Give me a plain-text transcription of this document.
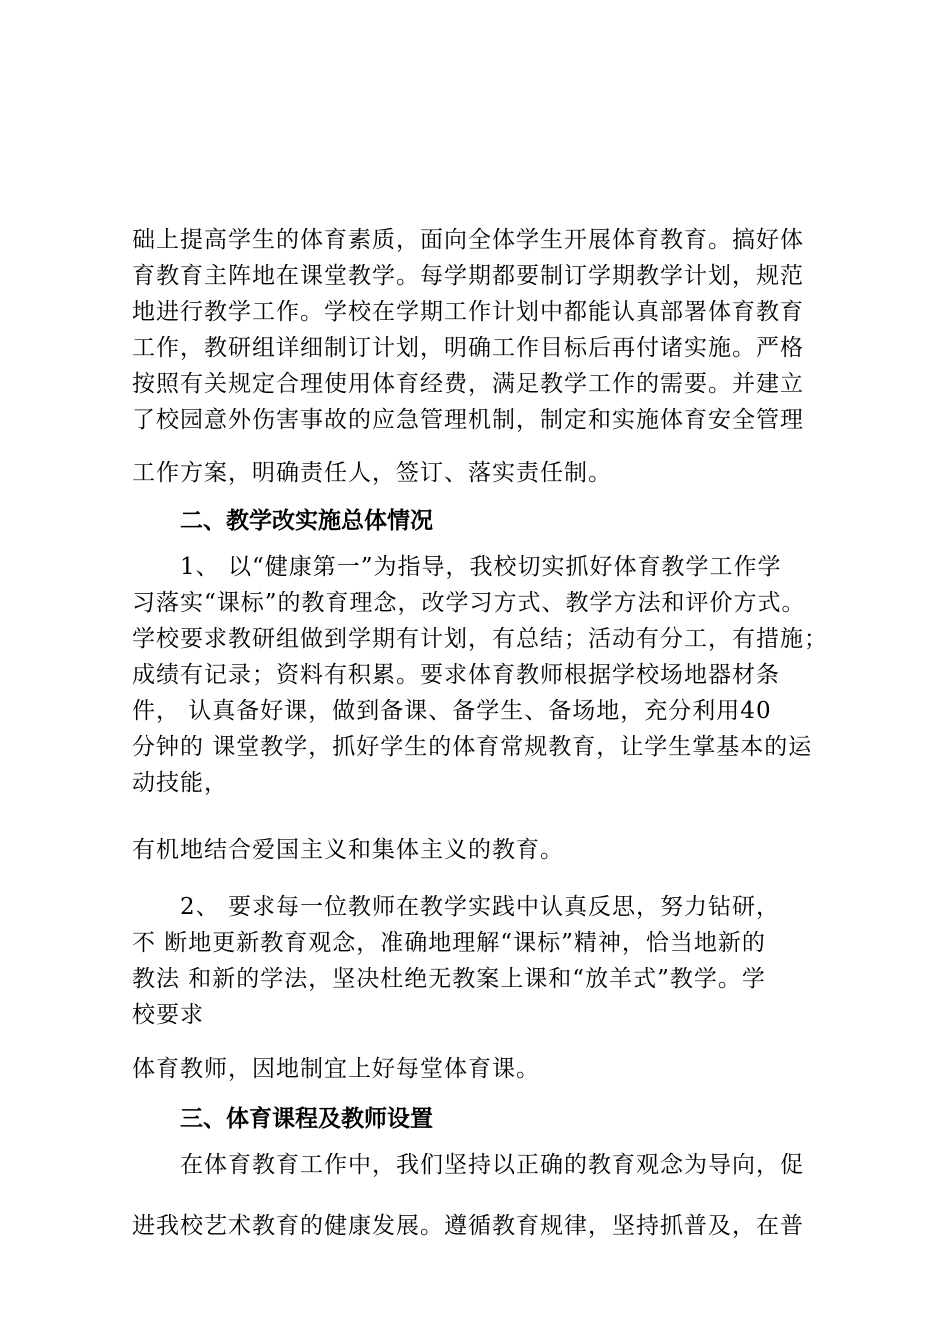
础上提高学生的体育素质，面向全体学生开展体育教育。搞好体
育教育主阵地在课堂教学。每学期都要制订学期教学计划，规范
地进行教学工作。学校在学期工作计划中都能认真部署体育教育
工作，教研组详细制订计划，明确工作目标后再付诸实施。严格
按照有关规定合理使用体育经费，满足教学工作的需要。并建立
了校园意外伤害事故的应急管理机制，制定和实施体育安全管理
工作方案，明确责任人，签订、落实责任制。
二、教学改实施总体情况
1、 以“健康第一”为指导，我校切实抓好体育教学工作学
习落实“课标”的教育理念，改学习方式、教学方法和评价方式。
学校要求教研组做到学期有计划，有总结；活动有分工，有措施；
成绩有记录；资料有积累。要求体育教师根据学校场地器材条
件， 认真备好课，做到备课、备学生、备场地，充分利用40
分钟的 课堂教学，抓好学生的体育常规教育，让学生掌基本的运
动技能，
有机地结合爱国主义和集体主义的教育。
2、 要求每一位教师在教学实践中认真反思，努力钻研，
不 断地更新教育观念，准确地理解“课标”精神，恰当地新的
教法 和新的学法，坚决杜绝无教案上课和“放羊式”教学。学
校要求
体育教师，因地制宜上好每堂体育课。
三、体育课程及教师设置
在体育教育工作中，我们坚持以正确的教育观念为导向，促
进我校艺术教育的健康发展。遵循教育规律，坚持抓普及，在普
